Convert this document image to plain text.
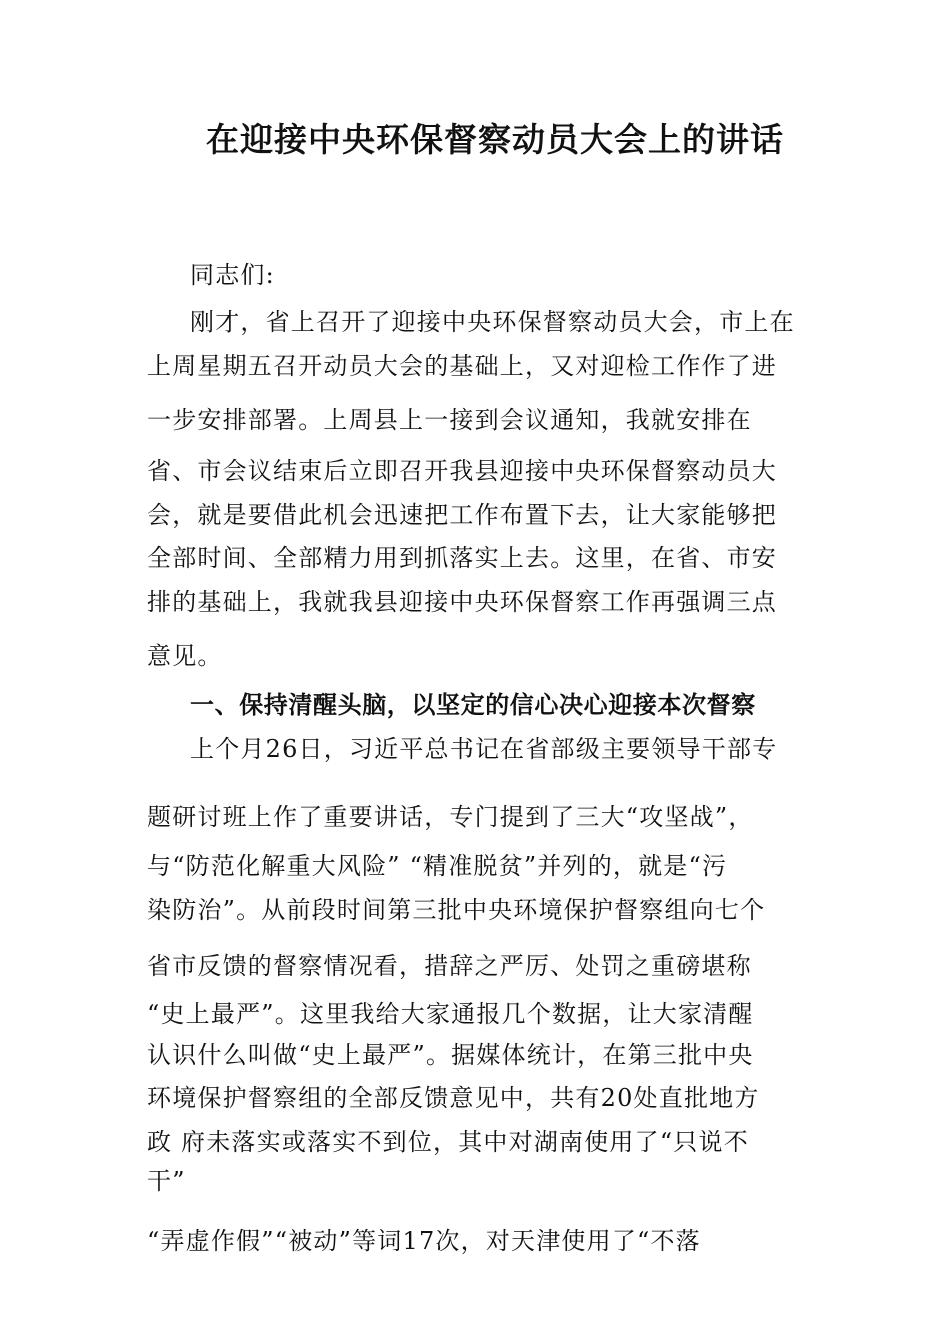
在迎接中央环保督察动员大会上的讲话
同志们:
刚才，省上召开了迎接中央环保督察动员大会，市上在
上周星期五召开动员大会的基础上，又对迎检工作作了进
一步安排部署。上周县上一接到会议通知，我就安排在
省、市会议结束后立即召开我县迎接中央环保督察动员大
会，就是要借此机会迅速把工作布置下去，让大家能够把
全部时间、全部精力用到抓落实上去。这里，在省、市安
排的基础上，我就我县迎接中央环保督察工作再强调三点
意见。
一、保持清醒头脑，以坚定的信心决心迎接本次督察
上个月26日，习近平总书记在省部级主要领导干部专
题研讨班上作了重要讲话，专门提到了三大“攻坚战”，
与“防范化解重大风险” “精准脱贫”并列的，就是“污
染防治”。从前段时间第三批中央环境保护督察组向七个
省市反馈的督察情况看，措辞之严厉、处罚之重磅堪称
“史上最严”。这里我给大家通报几个数据，让大家清醒
认识什么叫做“史上最严”。据媒体统计，在第三批中央
环境保护督察组的全部反馈意见中，共有20处直批地方
政 府未落实或落实不到位，其中对湖南使用了“只说不
干”
“弄虚作假”“被动”等词17次，对天津使用了“不落
